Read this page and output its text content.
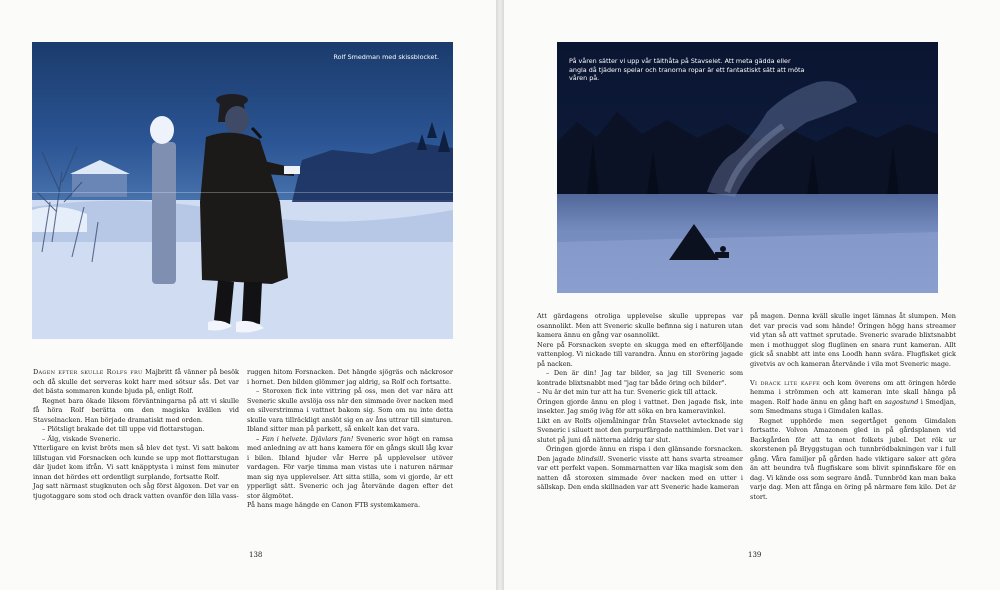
Rolf Smedman med skissblocket.

Dagen efter skulle Rolfs fru Majbritt få vänner på besök och då skulle det serveras kokt harr med sötsur sås. Det var det bästa sommaren kunde bjuda på, enligt Rolf.

Regnet bara ökade liksom förväntningarna på att vi skulle få höra Rolf berätta om den magiska kvällen vid Stavselnacken. Han började dramatiskt med orden.

– Plötsligt brakade det till uppe vid flottarstugan.

– Älg, viskade Sveneric.

Ytterligare en kvist bröts men så blev det tyst. Vi satt bakom lillstugan vid Forsnacken och kunde se upp mot flottarstugan där ljudet kom ifrån. Vi satt knäpptysta i minst fem minuter innan det hördes ett ordentligt surplande, fortsatte Rolf.

Jag satt närmast stugknuten och såg först älgoxen. Det var en tjugotaggare som stod och drack vatten ovanför den lilla vass-

ruggen hitom Forsnacken. Det hängde sjögräs och näckrosor i hornet. Den bilden glömmer jag aldrig, sa Rolf och fortsatte.

– Storoxen fick inte vittring på oss, men det var nära att Sveneric skulle avslöja oss när den simmade över nacken med en silverstrimma i vattnet bakom sig. Som om nu inte detta skulle vara tillräckligt anslöt sig en av åns uttrar till simturen. Ibland sitter man på parkett, så enkelt kan det vara.

– Fan i helvete. Djävlars fan! Sveneric svor högt en ramsa med anledning av att hans kamera för en gångs skull låg kvar i bilen. Ibland bjuder vår Herre på upplevelser utöver vardagen. För varje timma man vistas ute i naturen närmar man sig nya upplevelser. Att sitta stilla, som vi gjorde, är ett ypperligt sätt. Sveneric och jag återvände dagen efter det stor älgmötet.

På hans mage hängde en Canon FTB systemkamera.

138
På våren sätter vi upp vår tälthåta på Stavselet. Att meta gädda eller angla då tjädern spelar och tranorna ropar är ett fantastiskt sätt att möta våren på.

Att gärdagens otroliga upplevelse skulle upprepas var osannolikt. Men att Sveneric skulle befinna sig i naturen utan kamera ännu en gång var osannolikt.

Nere på Forsnacken svepte en skugga med en efterföljande vattenplog. Vi nickade till varandra. Ännu en storöring jagade på nacken.

– Den är din! Jag tar bilder, sa jag till Sveneric som kontrade blixtsnabbt med "jag tar både öring och bilder".

– Nu är det min tur att ha tur. Sveneric gick till attack.

Öringen gjorde ännu en plog i vattnet. Den jagade fisk, inte insekter. Jag smög iväg för att söka en bra kameravinkel.

Likt en av Rolfs oljemålningar från Stavselet avtecknade sig Sveneric i siluett mot den purpurfärgade natthimlen. Det var i slutet på juni då nätterna aldrig tar slut.

Öringen gjorde ännu en rispa i den glänsande forsnacken. Den jagade blindsill. Sveneric visste att hans svarta streamer var ett perfekt vapen. Sommarnatten var lika magisk som den natten då storoxen simmade över nacken med en utter i sällskap. Den enda skillnaden var att Sveneric hade kameran

på magen. Denna kväll skulle inget lämnas åt slumpen. Men det var precis vad som hände! Öringen högg hans streamer vid ytan så att vattnet sprutade. Sveneric svarade blixtsnabbt men i mothugget slog fluglinen en snara runt kameran. Allt gick så snabbt att inte ens Loodh hann svära. Flugfisket gick givetvis av och kameran återvände i vila mot Sveneric mage.

Vi drack lite kaffe och kom överens om att öringen hörde hemma i strömmen och att kameran inte skall hänga på magen. Rolf hade ännu en gång haft en sagostund i Smedjan, som Smedmans stuga i Gimdalen kallas.

Regnet upphörde men segertåget genom Gimdalen fortsatte. Volvon Amazonen gled in på gårdsplanen vid Backgården för att ta emot folkets jubel. Det rök ur skorstenen på Bryggstugan och tunnbrödbakningen var i full gång. Våra familjer på gården hade viktigare saker att göra än att beundra två flugfiskare som blivit spinnfiskare för en dag. Vi kände oss som segrare ändå. Tunnbröd kan man baka varje dag. Men att fånga en öring på närmare fem kilo. Det är stort.

139
